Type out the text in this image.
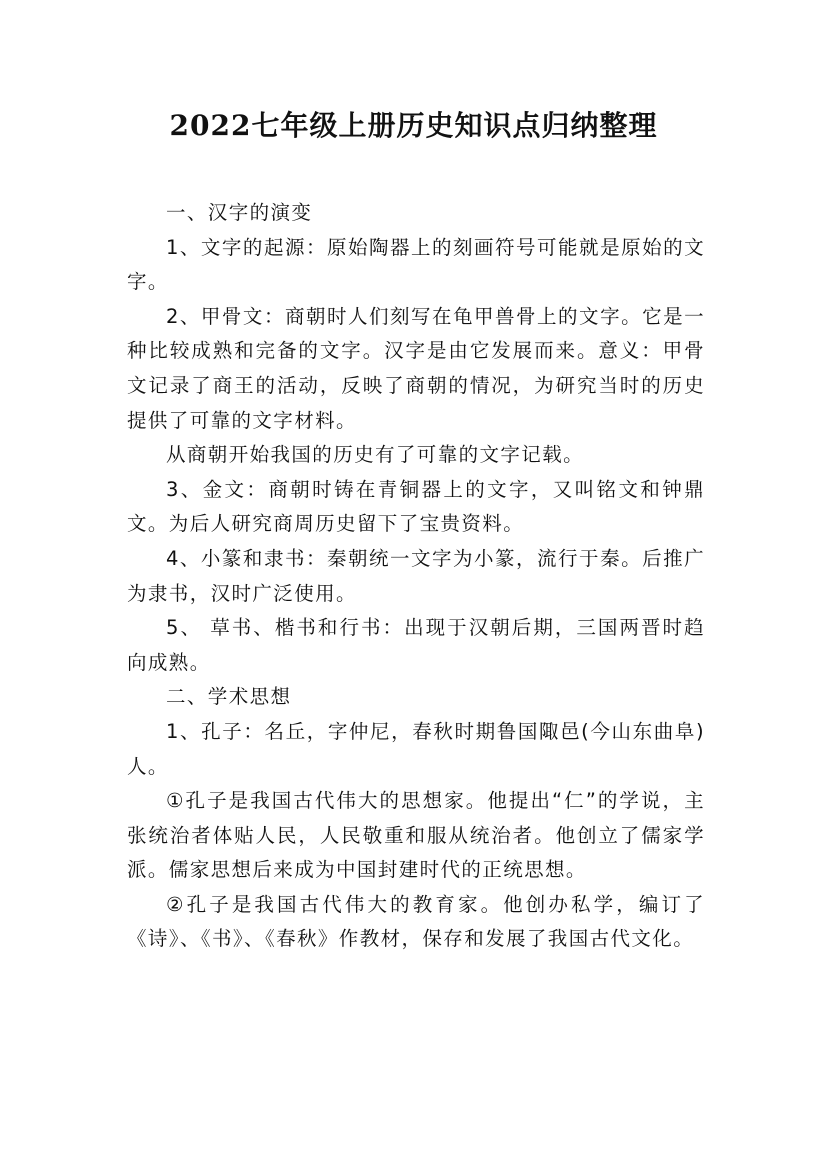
2022七年级上册历史知识点归纳整理

一、汉字的演变

1、文字的起源：原始陶器上的刻画符号可能就是原始的文字。

2、甲骨文：商朝时人们刻写在龟甲兽骨上的文字。它是一种比较成熟和完备的文字。汉字是由它发展而来。意义：甲骨文记录了商王的活动，反映了商朝的情况，为研究当时的历史提供了可靠的文字材料。

从商朝开始我国的历史有了可靠的文字记载。

3、金文：商朝时铸在青铜器上的文字，又叫铭文和钟鼎文。为后人研究商周历史留下了宝贵资料。

4、小篆和隶书：秦朝统一文字为小篆，流行于秦。后推广为隶书，汉时广泛使用。

5、 草书、楷书和行书：出现于汉朝后期，三国两晋时趋向成熟。

二、学术思想

1、孔子：名丘，字仲尼，春秋时期鲁国陬邑(今山东曲阜)人。

①孔子是我国古代伟大的思想家。他提出“仁”的学说，主张统治者体贴人民，人民敬重和服从统治者。他创立了儒家学派。儒家思想后来成为中国封建时代的正统思想。

②孔子是我国古代伟大的教育家。他创办私学，编订了《诗》、《书》、《春秋》作教材，保存和发展了我国古代文化。
